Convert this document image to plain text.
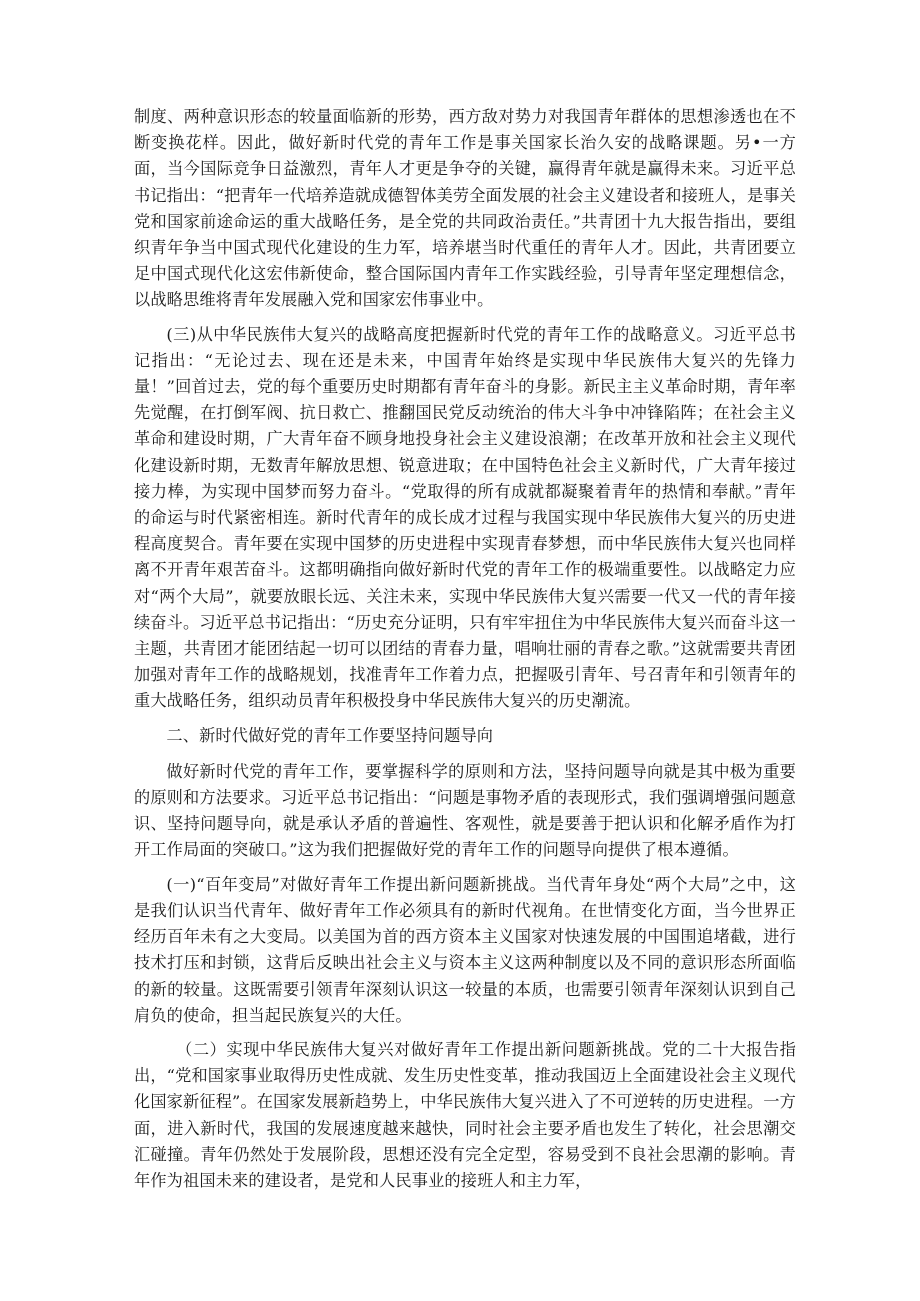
制度、两种意识形态的较量面临新的形势，西方敌对势力对我国青年群体的思想渗透也在不断变换花样。因此，做好新时代党的青年工作是事关国家长治久安的战略课题。另•一方面，当今国际竞争日益激烈，青年人才更是争夺的关键，赢得青年就是赢得未来。习近平总书记指出：“把青年一代培养造就成德智体美劳全面发展的社会主义建设者和接班人，是事关党和国家前途命运的重大战略任务，是全党的共同政治责任。”共青团十九大报告指出，要组织青年争当中国式现代化建设的生力军，培养堪当时代重任的青年人才。因此，共青团要立足中国式现代化这宏伟新使命，整合国际国内青年工作实践经验，引导青年坚定理想信念，以战略思维将青年发展融入党和国家宏伟事业中。

(三)从中华民族伟大复兴的战略高度把握新时代党的青年工作的战略意义。习近平总书记指出：“无论过去、现在还是未来，中国青年始终是实现中华民族伟大复兴的先锋力量！”回首过去，党的每个重要历史时期都有青年奋斗的身影。新民主主义革命时期，青年率先觉醒，在打倒军阀、抗日救亡、推翻国民党反动统治的伟大斗争中冲锋陷阵；在社会主义革命和建设时期，广大青年奋不顾身地投身社会主义建设浪潮；在改革开放和社会主义现代化建设新时期，无数青年解放思想、锐意进取；在中国特色社会主义新时代，广大青年接过接力棒，为实现中国梦而努力奋斗。“党取得的所有成就都凝聚着青年的热情和奉献。”青年的命运与时代紧密相连。新时代青年的成长成才过程与我国实现中华民族伟大复兴的历史进程高度契合。青年要在实现中国梦的历史进程中实现青春梦想，而中华民族伟大复兴也同样离不开青年艰苦奋斗。这都明确指向做好新时代党的青年工作的极端重要性。以战略定力应对“两个大局”，就要放眼长远、关注未来，实现中华民族伟大复兴需要一代又一代的青年接续奋斗。习近平总书记指出：“历史充分证明，只有牢牢扭住为中华民族伟大复兴而奋斗这一主题，共青团才能团结起一切可以团结的青春力量，唱响壮丽的青春之歌。”这就需要共青团加强对青年工作的战略规划，找准青年工作着力点，把握吸引青年、号召青年和引领青年的重大战略任务，组织动员青年积极投身中华民族伟大复兴的历史潮流。

二、新时代做好党的青年工作要坚持问题导向

做好新时代党的青年工作，要掌握科学的原则和方法，坚持问题导向就是其中极为重要的原则和方法要求。习近平总书记指出：“问题是事物矛盾的表现形式，我们强调增强问题意识、坚持问题导向，就是承认矛盾的普遍性、客观性，就是要善于把认识和化解矛盾作为打开工作局面的突破口。”这为我们把握做好党的青年工作的问题导向提供了根本遵循。

(一)“百年变局”对做好青年工作提出新问题新挑战。当代青年身处“两个大局”之中，这是我们认识当代青年、做好青年工作必须具有的新时代视角。在世情变化方面，当今世界正经历百年未有之大变局。以美国为首的西方资本主义国家对快速发展的中国围追堵截，进行技术打压和封锁，这背后反映出社会主义与资本主义这两种制度以及不同的意识形态所面临的新的较量。这既需要引领青年深刻认识这一较量的本质，也需要引领青年深刻认识到自己肩负的使命，担当起民族复兴的大任。

（二）实现中华民族伟大复兴对做好青年工作提出新问题新挑战。党的二十大报告指出，“党和国家事业取得历史性成就、发生历史性变革，推动我国迈上全面建设社会主义现代化国家新征程”。在国家发展新趋势上，中华民族伟大复兴进入了不可逆转的历史进程。一方面，进入新时代，我国的发展速度越来越快，同时社会主要矛盾也发生了转化，社会思潮交汇碰撞。青年仍然处于发展阶段，思想还没有完全定型，容易受到不良社会思潮的影响。青年作为祖国未来的建设者，是党和人民事业的接班人和主力军，
